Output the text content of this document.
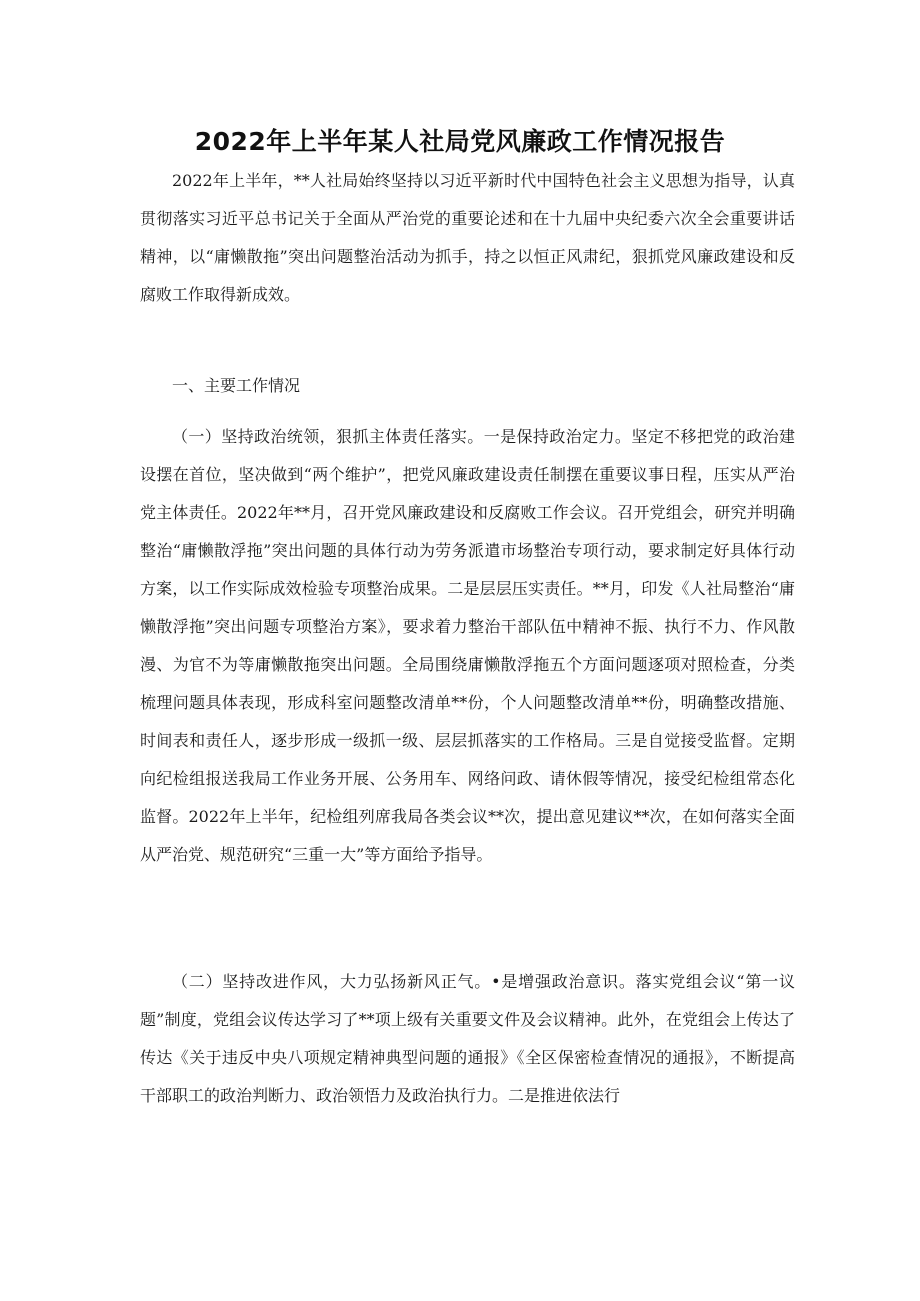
2022年上半年某人社局党风廉政工作情况报告

2022年上半年，**人社局始终坚持以习近平新时代中国特色社会主义思想为指导，认真贯彻落实习近平总书记关于全面从严治党的重要论述和在十九届中央纪委六次全会重要讲话精神，以“庸懒散拖”突出问题整治活动为抓手，持之以恒正风肃纪，狠抓党风廉政建设和反腐败工作取得新成效。

一、主要工作情况

（一）坚持政治统领，狠抓主体责任落实。一是保持政治定力。坚定不移把党的政治建设摆在首位，坚决做到“两个维护”，把党风廉政建设责任制摆在重要议事日程，压实从严治党主体责任。2022年**月，召开党风廉政建设和反腐败工作会议。召开党组会，研究并明确整治“庸懒散浮拖”突出问题的具体行动为劳务派遣市场整治专项行动，要求制定好具体行动方案，以工作实际成效检验专项整治成果。二是层层压实责任。**月，印发《人社局整治“庸懒散浮拖”突出问题专项整治方案》，要求着力整治干部队伍中精神不振、执行不力、作风散漫、为官不为等庸懒散拖突出问题。全局围绕庸懒散浮拖五个方面问题逐项对照检查，分类梳理问题具体表现，形成科室问题整改清单**份，个人问题整改清单**份，明确整改措施、时间表和责任人，逐步形成一级抓一级、层层抓落实的工作格局。三是自觉接受监督。定期向纪检组报送我局工作业务开展、公务用车、网络问政、请休假等情况，接受纪检组常态化监督。2022年上半年，纪检组列席我局各类会议**次，提出意见建议**次，在如何落实全面从严治党、规范研究“三重一大”等方面给予指导。

（二）坚持改进作风，大力弘扬新风正气。•是增强政治意识。落实党组会议“第一议题”制度，党组会议传达学习了**项上级有关重要文件及会议精神。此外，在党组会上传达了传达《关于违反中央八项规定精神典型问题的通报》《全区保密检查情况的通报》，不断提高干部职工的政治判断力、政治领悟力及政治执行力。二是推进依法行
